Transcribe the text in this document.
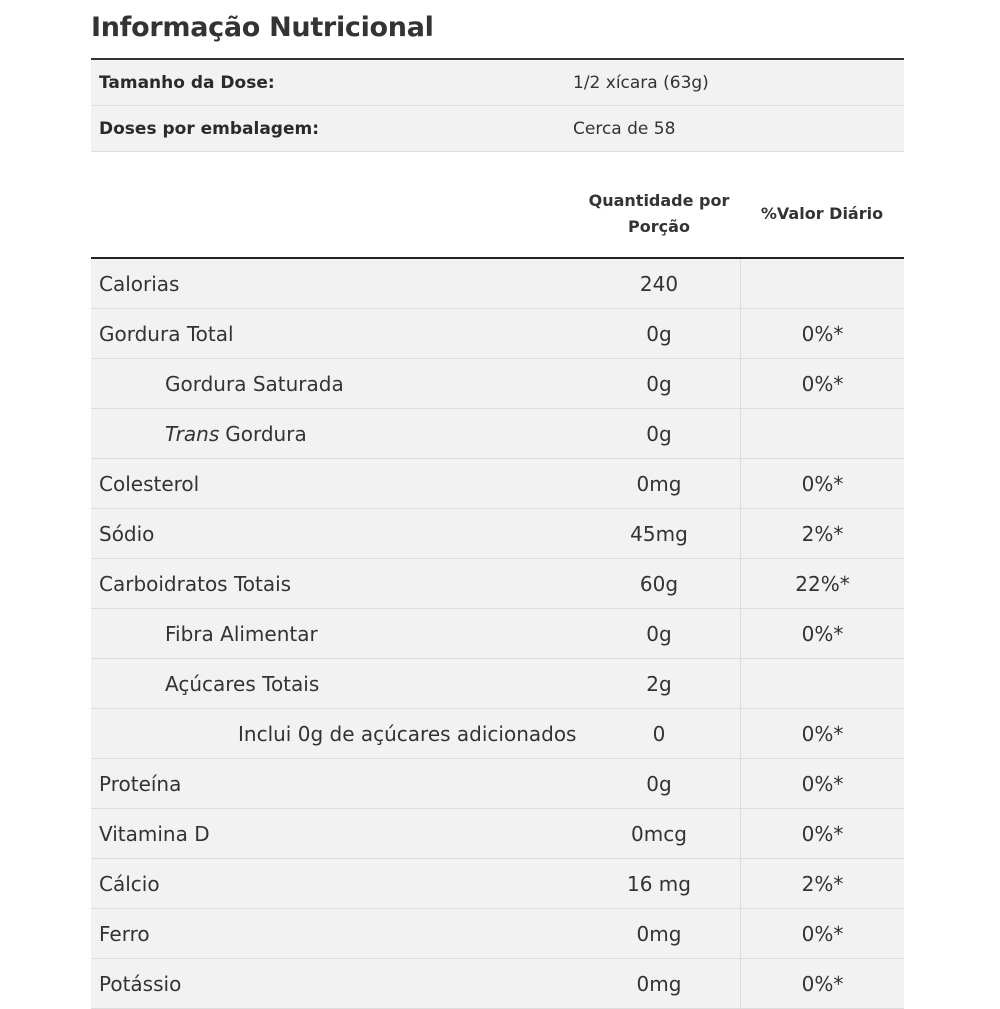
Informação Nutricional
Tamanho da Dose:	1/2 xícara (63g)
Doses por embalagem:	Cerca de 58
Quantidade por
Porção
%Valor Diário
Calorias	240
Gordura Total	0g	0%*
Gordura Saturada	0g	0%*
Trans Gordura	0g
Colesterol	0mg	0%*
Sódio	45mg	2%*
Carboidratos Totais	60g	22%*
Fibra Alimentar	0g	0%*
Açúcares Totais	2g
Inclui 0g de açúcares adicionados	0	0%*
Proteína	0g	0%*
Vitamina D	0mcg	0%*
Cálcio	16 mg	2%*
Ferro	0mg	0%*
Potássio	0mg	0%*
